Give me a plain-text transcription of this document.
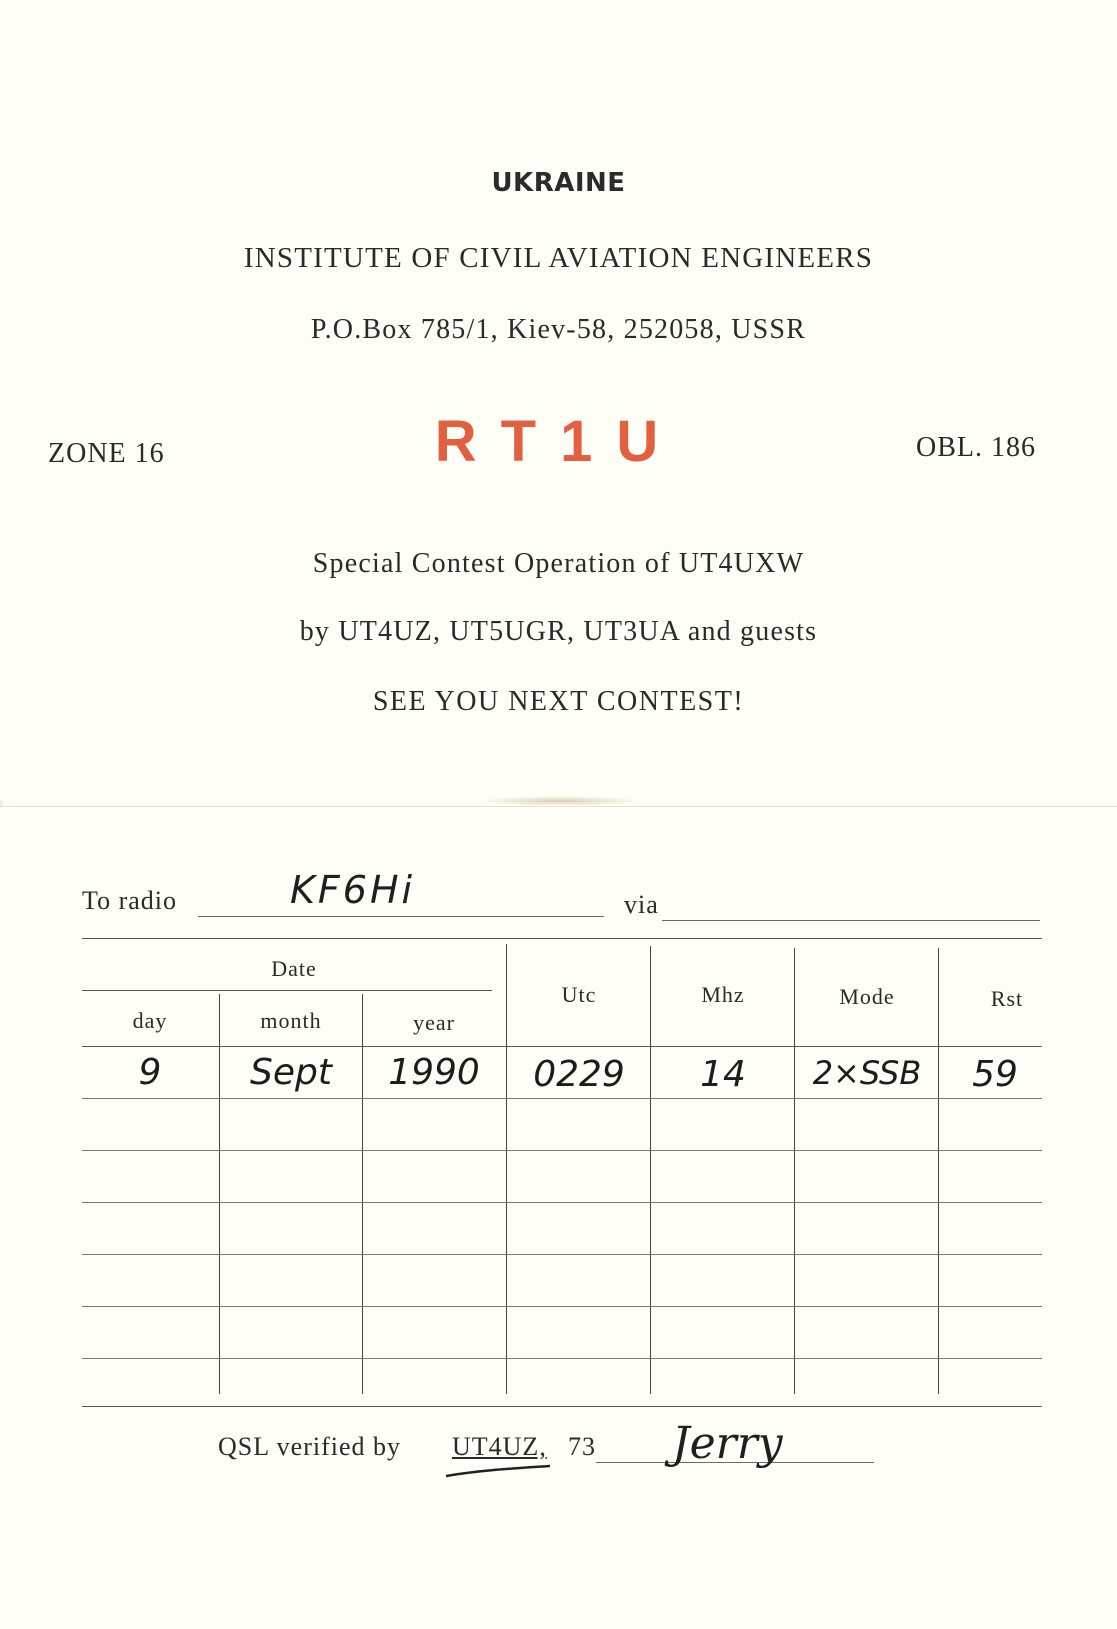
UKRAINE
INSTITUTE OF CIVIL AVIATION ENGINEERS
P.O.Box 785/1, Kiev-58, 252058, USSR
ZONE 16	RT1U	OBL. 186
Special Contest Operation of UT4UXW
by UT4UZ, UT5UGR, UT3UA and guests
SEE YOU NEXT CONTEST!
To radio	KF6Hi	via
Date
day	month	year
Utc	Mhz	Mode	Rst
9	Sept	1990	0229	14	2×SSB	59
QSL verified by UT4UZ, 73 Jerry
